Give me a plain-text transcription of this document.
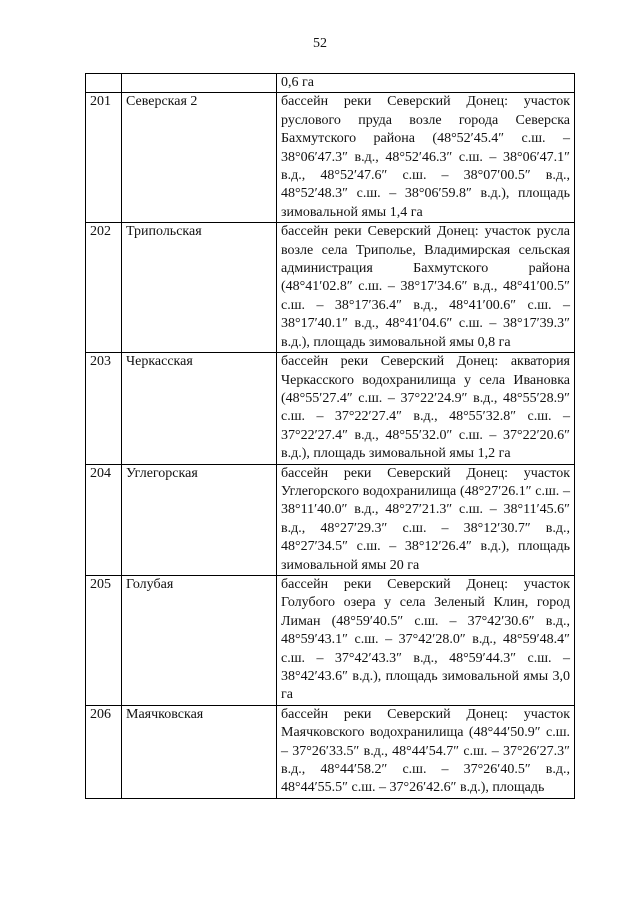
52

		0,6 га

201	Северская 2	бассейн реки Северский Донец: участок руслового пруда возле города Северска Бахмутского района (48°52′45.4″ с.ш. – 38°06′47.3″ в.д., 48°52′46.3″ с.ш. – 38°06′47.1″ в.д., 48°52′47.6″ с.ш. – 38°07′00.5″ в.д., 48°52′48.3″ с.ш. – 38°06′59.8″ в.д.), площадь зимовальной ямы 1,4 га

202	Трипольская	бассейн реки Северский Донец: участок русла возле села Триполье, Владимирская сельская администрация Бахмутского района (48°41′02.8″ с.ш. – 38°17′34.6″ в.д., 48°41′00.5″ с.ш. – 38°17′36.4″ в.д., 48°41′00.6″ с.ш. – 38°17′40.1″ в.д., 48°41′04.6″ с.ш. – 38°17′39.3″ в.д.), площадь зимовальной ямы 0,8 га

203	Черкасская	бассейн реки Северский Донец: акватория Черкасского водохранилища у села Ивановка (48°55′27.4″ с.ш. – 37°22′24.9″ в.д., 48°55′28.9″ с.ш. – 37°22′27.4″ в.д., 48°55′32.8″ с.ш. – 37°22′27.4″ в.д., 48°55′32.0″ с.ш. – 37°22′20.6″ в.д.), площадь зимовальной ямы 1,2 га

204	Углегорская	бассейн реки Северский Донец: участок Углегорского водохранилища (48°27′26.1″ с.ш. – 38°11′40.0″ в.д., 48°27′21.3″ с.ш. – 38°11′45.6″ в.д., 48°27′29.3″ с.ш. – 38°12′30.7″ в.д., 48°27′34.5″ с.ш. – 38°12′26.4″ в.д.), площадь зимовальной ямы 20 га

205	Голубая	бассейн реки Северский Донец: участок Голубого озера у села Зеленый Клин, город Лиман (48°59′40.5″ с.ш. – 37°42′30.6″ в.д., 48°59′43.1″ с.ш. – 37°42′28.0″ в.д., 48°59′48.4″ с.ш. – 37°42′43.3″ в.д., 48°59′44.3″ с.ш. – 38°42′43.6″ в.д.), площадь зимовальной ямы 3,0 га

206	Маячковская	бассейн реки Северский Донец: участок Маячковского водохранилища (48°44′50.9″ с.ш. – 37°26′33.5″ в.д., 48°44′54.7″ с.ш. – 37°26′27.3″ в.д., 48°44′58.2″ с.ш. – 37°26′40.5″ в.д., 48°44′55.5″ с.ш. – 37°26′42.6″ в.д.), площадь
